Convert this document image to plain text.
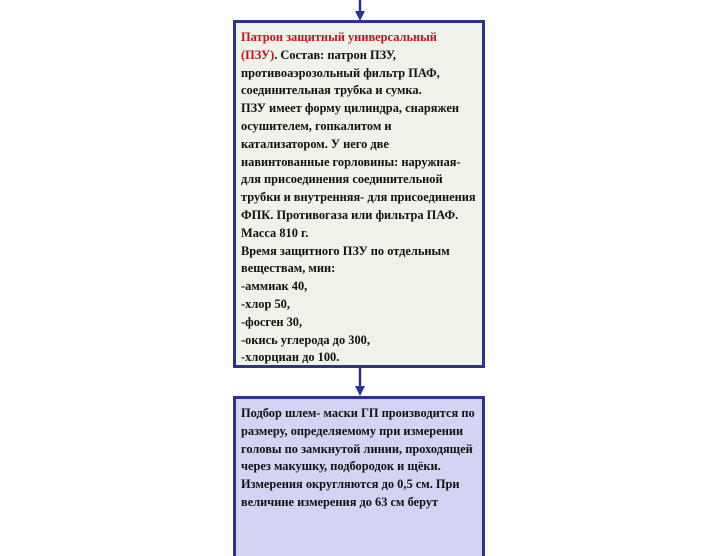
Патрон защитный универсальный
(ПЗУ). Состав: патрон ПЗУ, противоаэрозольный фильтр ПАФ, соединительная трубка и сумка.
ПЗУ имеет форму цилиндра, снаряжен осушителем, гопкалитом и катализатором. У него две навинтованные горловины: наружная- для присоединения соединительной трубки и внутренняя- для присоединения ФПК. Противогаза или фильтра ПАФ. Масса 810 г.
Время защитного ПЗУ по отдельным веществам, мин:
-аммиак 40,
-хлор 50,
-фосген 30,
-окись углерода до 300,
-хлорциан до 100.
Подбор шлем- маски ГП производится по размеру, определяемому при измерении головы по замкнутой линии, проходящей через макушку, подбородок и щёки. Измерения округляются до 0,5 см. При величине измерения до 63 см берут
